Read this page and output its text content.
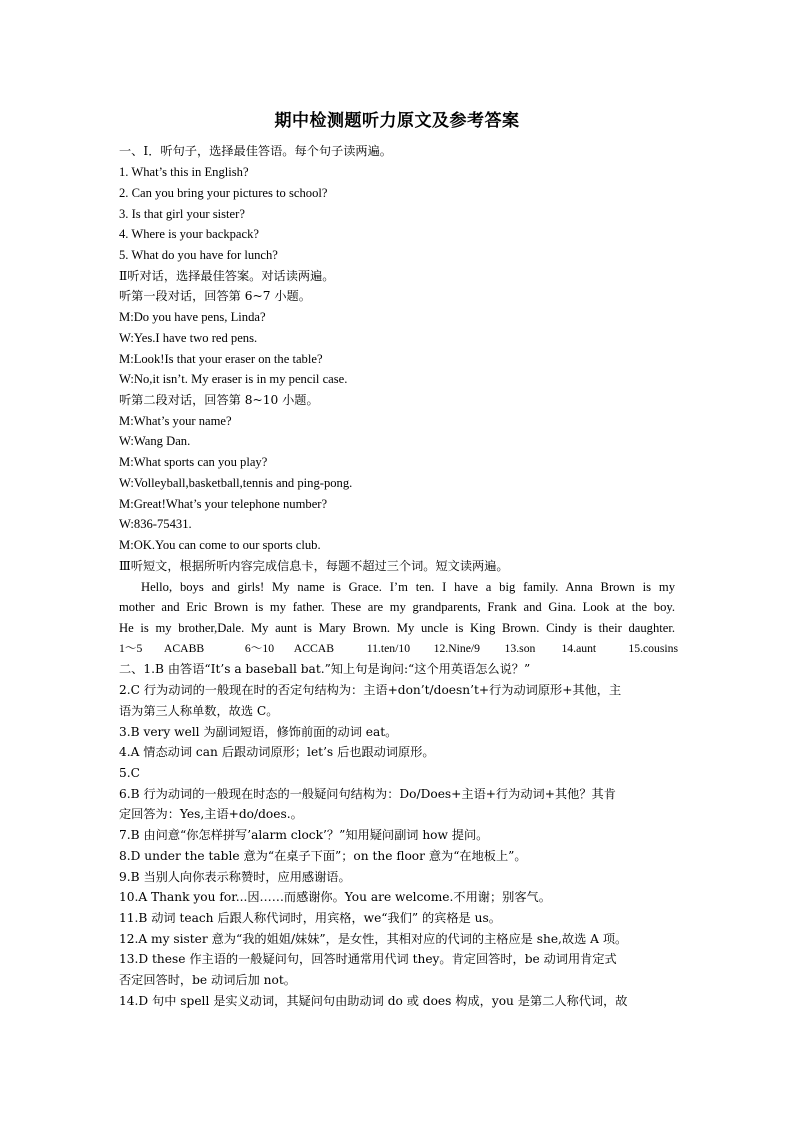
期中检测题听力原文及参考答案
一、Ⅰ．听句子，选择最佳答语。每个句子读两遍。
1. What’s this in English?
2. Can you bring your pictures to school?
3. Is that girl your sister?
4. Where is your backpack?
5. What do you have for lunch?
Ⅱ听对话，选择最佳答案。对话读两遍。
听第一段对话，回答第 6~7 小题。
M:Do you have pens, Linda?
W:Yes.I have two red pens.
M:Look!Is that your eraser on the table?
W:No,it isn’t. My eraser is in my pencil case.
听第二段对话，回答第 8~10 小题。
M:What’s your name?
W:Wang Dan.
M:What sports can you play?
W:Volleyball,basketball,tennis and ping-pong.
M:Great!What’s your telephone number?
W:836-75431.
M:OK.You can come to our sports club.
Ⅲ听短文，根据所听内容完成信息卡，每题不超过三个词。短文读两遍。
Hello, boys and girls! My name is Grace. I’m ten. I have a big family. Anna Brown is my
mother and Eric Brown is my father. These are my grandparents, Frank and Gina. Look at the boy.
He is my brother,Dale. My aunt is Mary Brown. My uncle is King Brown. Cindy is their daughter.
1～5 ACABB	6～10 ACCAB	11.ten/10 12.Nine/9 13.son 14.aunt	15.cousins
二、1.B 由答语“It’s a baseball bat.”知上句是询问:“这个用英语怎么说？”
2.C 行为动词的一般现在时的否定句结构为：主语+don’t/doesn’t+行为动词原形+其他，主
语为第三人称单数，故选 C。
3.B very well 为副词短语，修饰前面的动词 eat。
4.A 情态动词 can 后跟动词原形；let’s 后也跟动词原形。
5.C
6.B 行为动词的一般现在时态的一般疑问句结构为：Do/Does+主语+行为动词+其他？其肯
定回答为：Yes,主语+do/does.。
7.B 由问意“你怎样拼写’alarm clock’？”知用疑问副词 how 提问。
8.D under the table 意为“在桌子下面”；on the floor 意为“在地板上”。
9.B 当别人向你表示称赞时，应用感谢语。
10.A Thank you for...因……而感谢你。You are welcome.不用谢；别客气。
11.B 动词 teach 后跟人称代词时，用宾格，we“我们” 的宾格是 us。
12.A my sister 意为“我的姐姐/妹妹”，是女性，其相对应的代词的主格应是 she,故选 A 项。
13.D these 作主语的一般疑问句，回答时通常用代词 they。肯定回答时，be 动词用肯定式
否定回答时，be 动词后加 not。
14.D 句中 spell 是实义动词，其疑问句由助动词 do 或 does 构成，you 是第二人称代词，故
